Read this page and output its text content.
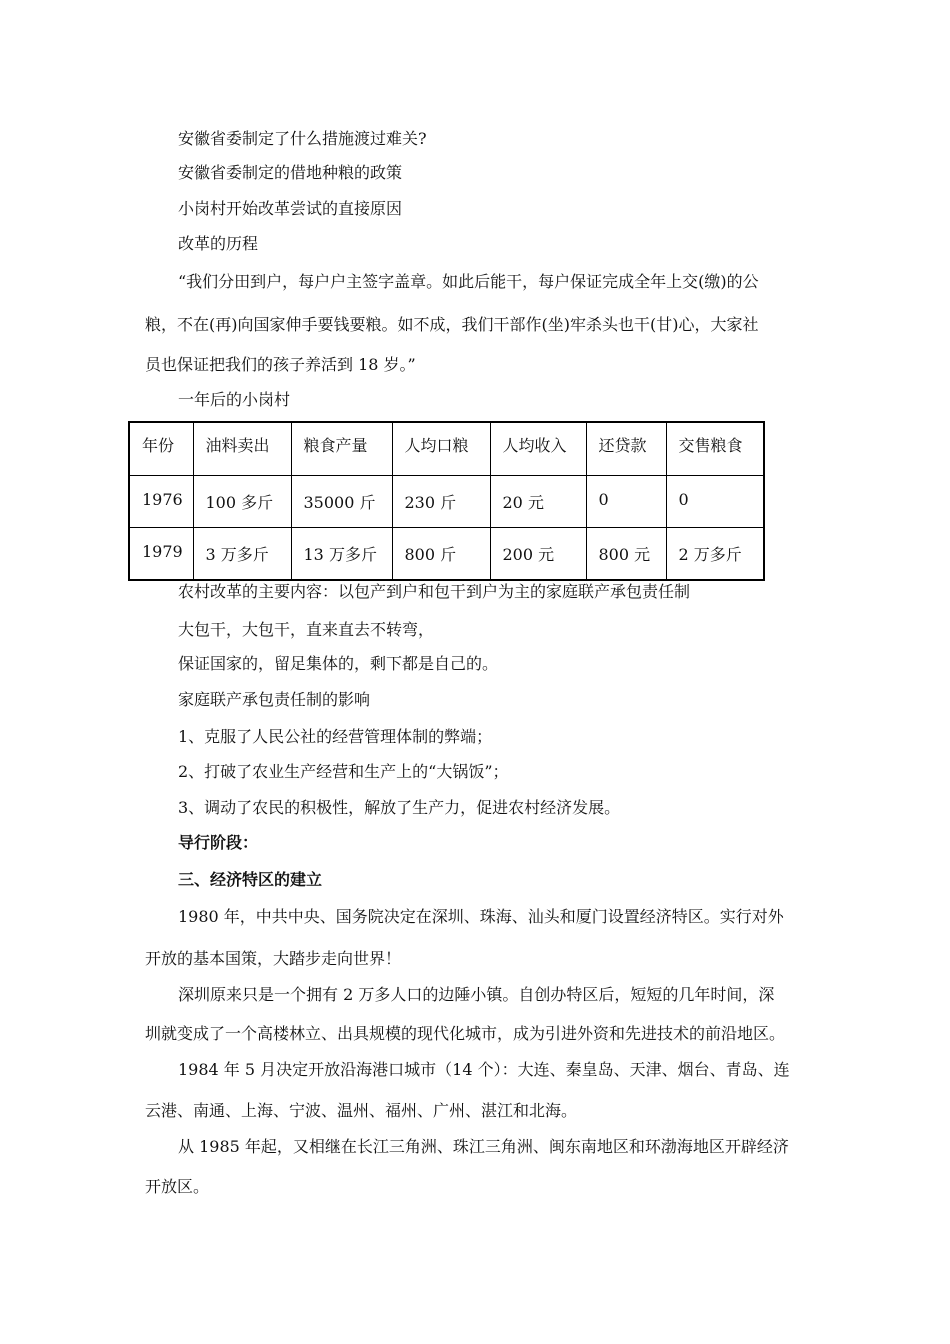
安徽省委制定了什么措施渡过难关?
安徽省委制定的借地种粮的政策
小岗村开始改革尝试的直接原因
改革的历程
“我们分田到户，每户户主签字盖章。如此后能干，每户保证完成全年上交(缴)的公
粮，不在(再)向国家伸手要钱要粮。如不成，我们干部作(坐)牢杀头也干(甘)心，大家社
员也保证把我们的孩子养活到 18 岁。”
一年后的小岗村
年份	油料卖出	粮食产量	人均口粮	人均收入	还贷款	交售粮食
1976	100 多斤	35000 斤	230 斤	20 元	0	0
1979	3 万多斤	13 万多斤	800 斤	200 元	800 元	2 万多斤
农村改革的主要内容：以包产到户和包干到户为主的家庭联产承包责任制
大包干，大包干，直来直去不转弯，
保证国家的，留足集体的，剩下都是自己的。
家庭联产承包责任制的影响
1、克服了人民公社的经营管理体制的弊端；
2、打破了农业生产经营和生产上的“大锅饭”；
3、调动了农民的积极性，解放了生产力，促进农村经济发展。
导行阶段：
三、经济特区的建立
1980 年，中共中央、国务院决定在深圳、珠海、汕头和厦门设置经济特区。实行对外
开放的基本国策，大踏步走向世界！
深圳原来只是一个拥有 2 万多人口的边陲小镇。自创办特区后，短短的几年时间，深
圳就变成了一个高楼林立、出具规模的现代化城市，成为引进外资和先进技术的前沿地区。
1984 年 5 月决定开放沿海港口城市（14 个）：大连、秦皇岛、天津、烟台、青岛、连
云港、南通、上海、宁波、温州、福州、广州、湛江和北海。
从 1985 年起，又相继在长江三角洲、珠江三角洲、闽东南地区和环渤海地区开辟经济
开放区。
